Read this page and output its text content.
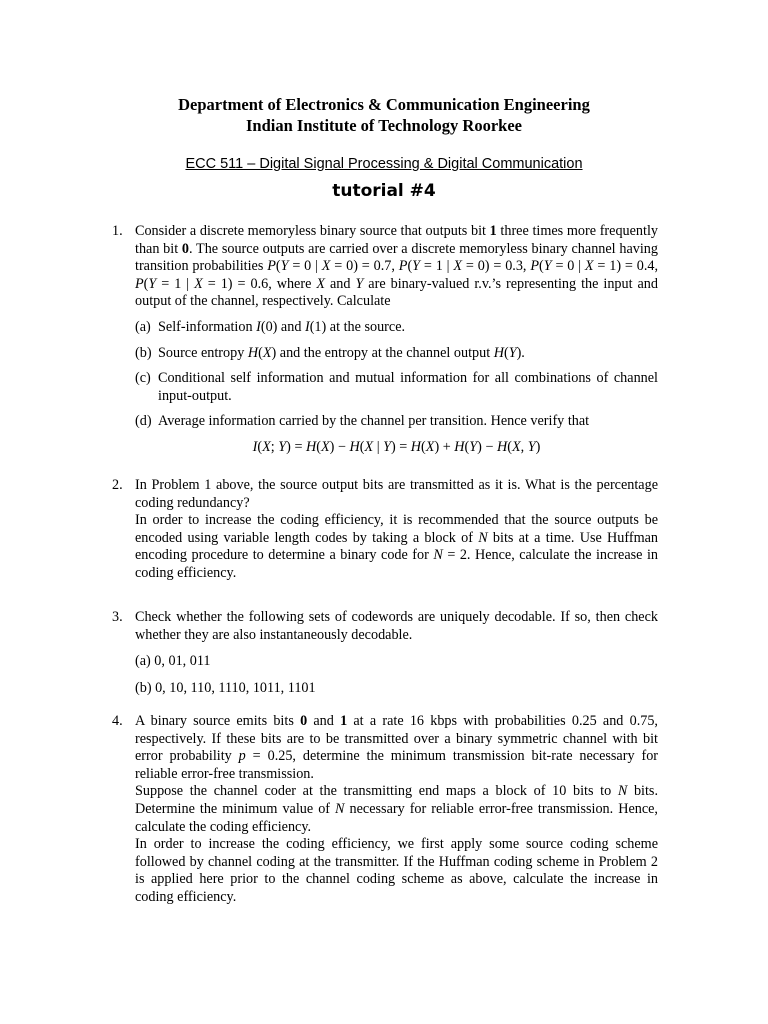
Department of Electronics & Communication Engineering
Indian Institute of Technology Roorkee
ECC 511 – Digital Signal Processing & Digital Communication
tutorial #4
1. Consider a discrete memoryless binary source that outputs bit 1 three times more frequently than bit 0. The source outputs are carried over a discrete memoryless binary channel having transition probabilities P(Y = 0 | X = 0) = 0.7, P(Y = 1 | X = 0) = 0.3, P(Y = 0 | X = 1) = 0.4, P(Y = 1 | X = 1) = 0.6, where X and Y are binary-valued r.v.’s representing the input and output of the channel, respectively. Calculate

(a) Self-information I(0) and I(1) at the source.
(b) Source entropy H(X) and the entropy at the channel output H(Y).
(c) Conditional self information and mutual information for all combinations of channel input-output.
(d) Average information carried by the channel per transition. Hence verify that
I(X; Y) = H(X) − H(X | Y) = H(X) + H(Y) − H(X, Y)
2. In Problem 1 above, the source output bits are transmitted as it is. What is the percentage coding redundancy?

In order to increase the coding efficiency, it is recommended that the source outputs be encoded using variable length codes by taking a block of N bits at a time. Use Huffman encoding procedure to determine a binary code for N = 2. Hence, calculate the increase in coding efficiency.

3. Check whether the following sets of codewords are uniquely decodable. If so, then check whether they are also instantaneously decodable.

(a) 0, 01, 011
(b) 0, 10, 110, 1110, 1011, 1101
4. A binary source emits bits 0 and 1 at a rate 16 kbps with probabilities 0.25 and 0.75, respectively. If these bits are to be transmitted over a binary symmetric channel with bit error probability p = 0.25, determine the minimum transmission bit-rate necessary for reliable error-free transmission.

Suppose the channel coder at the transmitting end maps a block of 10 bits to N bits. Determine the minimum value of N necessary for reliable error-free transmission. Hence, calculate the coding efficiency.

In order to increase the coding efficiency, we first apply some source coding scheme followed by channel coding at the transmitter. If the Huffman coding scheme in Problem 2 is applied here prior to the channel coding scheme as above, calculate the increase in coding efficiency.
